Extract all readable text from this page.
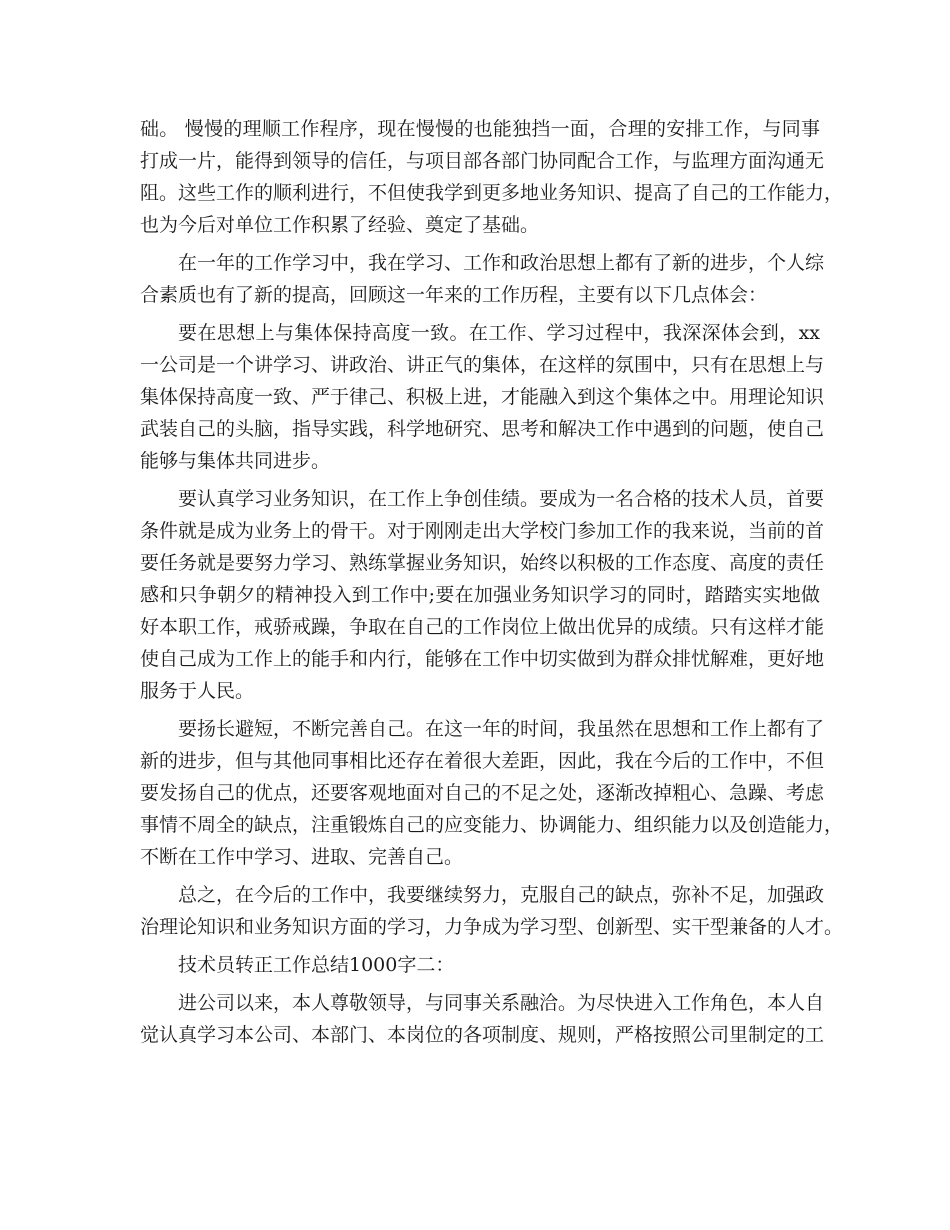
础。 慢慢的理顺工作程序，现在慢慢的也能独挡一面，合理的安排工作，与同事
打成一片，能得到领导的信任，与项目部各部门协同配合工作，与监理方面沟通无
阻。这些工作的顺利进行，不但使我学到更多地业务知识、提高了自己的工作能力，
也为今后对单位工作积累了经验、奠定了基础。
在一年的工作学习中，我在学习、工作和政治思想上都有了新的进步，个人综
合素质也有了新的提高，回顾这一年来的工作历程，主要有以下几点体会：
要在思想上与集体保持高度一致。在工作、学习过程中，我深深体会到，xx
一公司是一个讲学习、讲政治、讲正气的集体，在这样的氛围中，只有在思想上与
集体保持高度一致、严于律己、积极上进，才能融入到这个集体之中。用理论知识
武装自己的头脑，指导实践，科学地研究、思考和解决工作中遇到的问题，使自己
能够与集体共同进步。
要认真学习业务知识，在工作上争创佳绩。要成为一名合格的技术人员，首要
条件就是成为业务上的骨干。对于刚刚走出大学校门参加工作的我来说，当前的首
要任务就是要努力学习、熟练掌握业务知识，始终以积极的工作态度、高度的责任
感和只争朝夕的精神投入到工作中;要在加强业务知识学习的同时，踏踏实实地做
好本职工作，戒骄戒躁，争取在自己的工作岗位上做出优异的成绩。只有这样才能
使自己成为工作上的能手和内行，能够在工作中切实做到为群众排忧解难，更好地
服务于人民。
要扬长避短，不断完善自己。在这一年的时间，我虽然在思想和工作上都有了
新的进步，但与其他同事相比还存在着很大差距，因此，我在今后的工作中，不但
要发扬自己的优点，还要客观地面对自己的不足之处，逐渐改掉粗心、急躁、考虑
事情不周全的缺点，注重锻炼自己的应变能力、协调能力、组织能力以及创造能力，
不断在工作中学习、进取、完善自己。
总之，在今后的工作中，我要继续努力，克服自己的缺点，弥补不足，加强政
治理论知识和业务知识方面的学习，力争成为学习型、创新型、实干型兼备的人才。
技术员转正工作总结1000字二：
进公司以来，本人尊敬领导，与同事关系融洽。为尽快进入工作角色，本人自
觉认真学习本公司、本部门、本岗位的各项制度、规则，严格按照公司里制定的工
